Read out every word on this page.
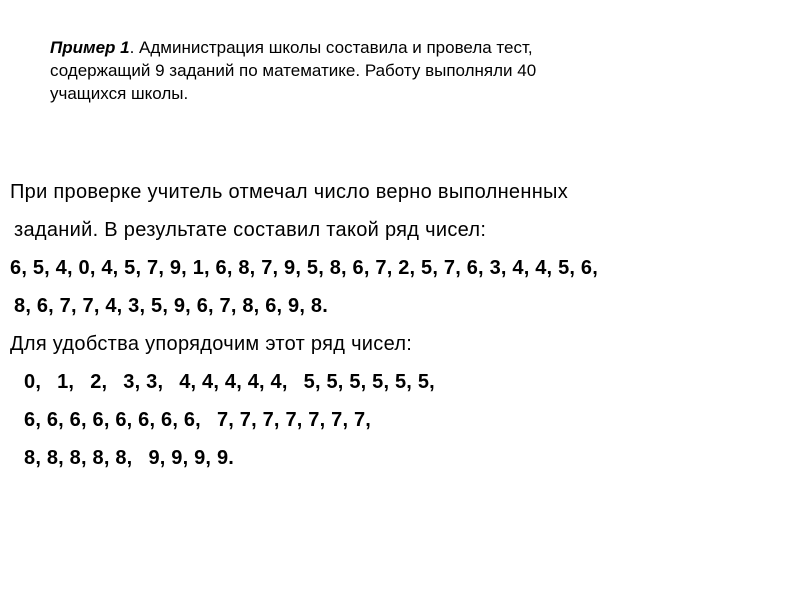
Пример 1. Администрация школы составила и провела тест,
содержащий 9 заданий по математике. Работу выполняли 40
учащихся школы.
При проверке учитель отмечал число верно выполненных
заданий. В результате составил такой ряд чисел:
6, 5, 4, 0, 4, 5, 7, 9, 1, 6, 8, 7, 9, 5, 8, 6, 7, 2, 5, 7, 6, 3, 4, 4, 5, 6,
8, 6, 7, 7, 4, 3, 5, 9, 6, 7, 8, 6, 9, 8.
Для удобства упорядочим этот ряд чисел:
0, 1, 2, 3, 3, 4, 4, 4, 4, 4, 5, 5, 5, 5, 5, 5,
6, 6, 6, 6, 6, 6, 6, 6, 7, 7, 7, 7, 7, 7, 7,
8, 8, 8, 8, 8, 9, 9, 9, 9.
